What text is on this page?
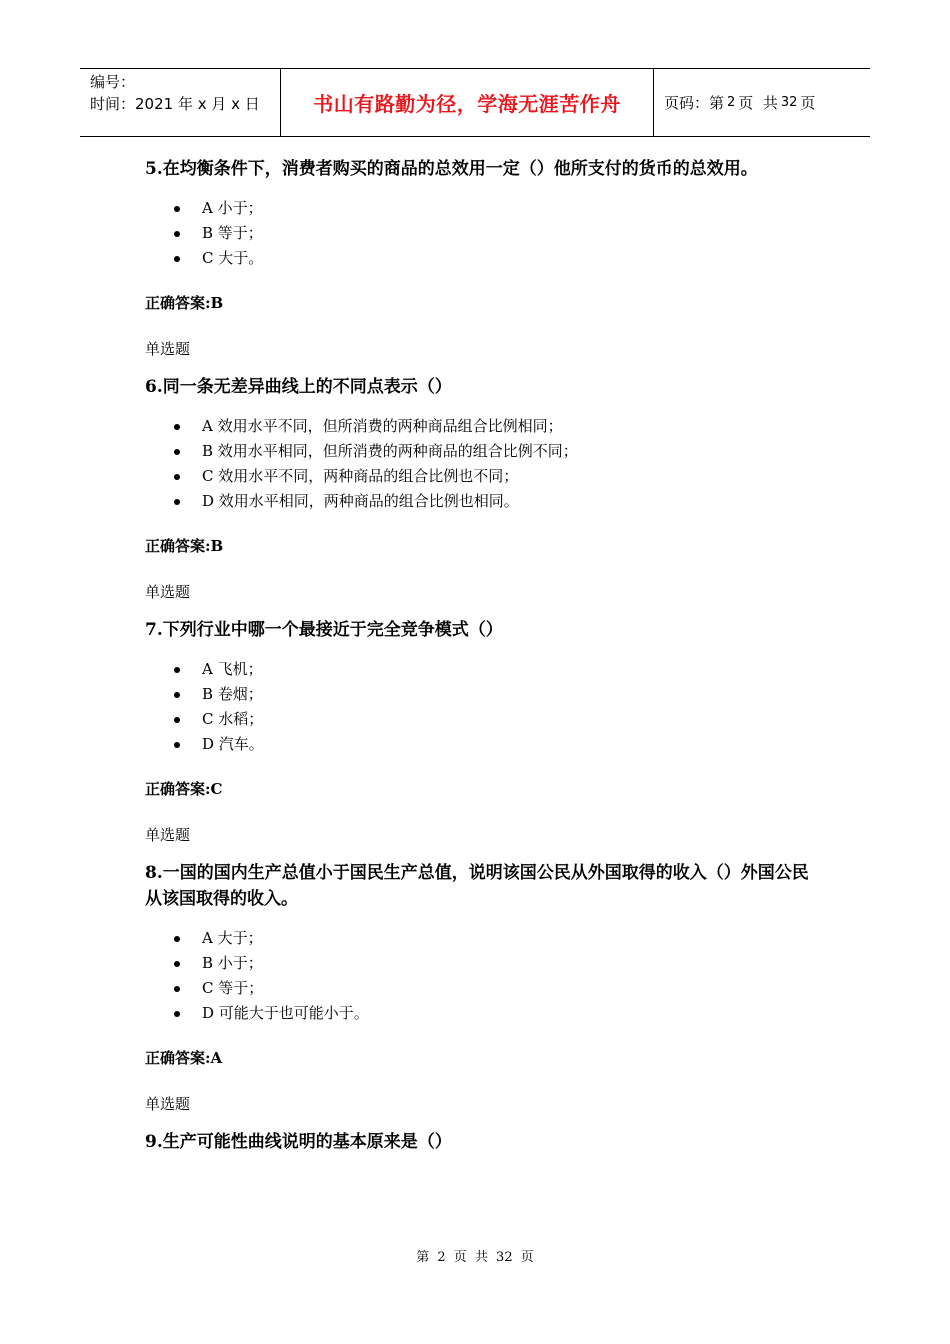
编号：
时间：2021 年 x 月 x 日	书山有路勤为径，学海无涯苦作舟	页码：第 2 页  共 32 页

5.在均衡条件下，消费者购买的商品的总效用一定（）他所支付的货币的总效用。

A 小于；
B 等于；
C 大于。

正确答案:B

单选题

6.同一条无差异曲线上的不同点表示（）

A 效用水平不同，但所消费的两种商品组合比例相同；
B 效用水平相同，但所消费的两种商品的组合比例不同；
C 效用水平不同，两种商品的组合比例也不同；
D 效用水平相同，两种商品的组合比例也相同。

正确答案:B

单选题

7.下列行业中哪一个最接近于完全竞争模式（）

A 飞机；
B 卷烟；
C 水稻；
D 汽车。

正确答案:C

单选题

8.一国的国内生产总值小于国民生产总值，说明该国公民从外国取得的收入（）外国公民从该国取得的收入。

A 大于；
B 小于；
C 等于；
D 可能大于也可能小于。

正确答案:A

单选题

9.生产可能性曲线说明的基本原来是（）

第 2 页 共 32 页
